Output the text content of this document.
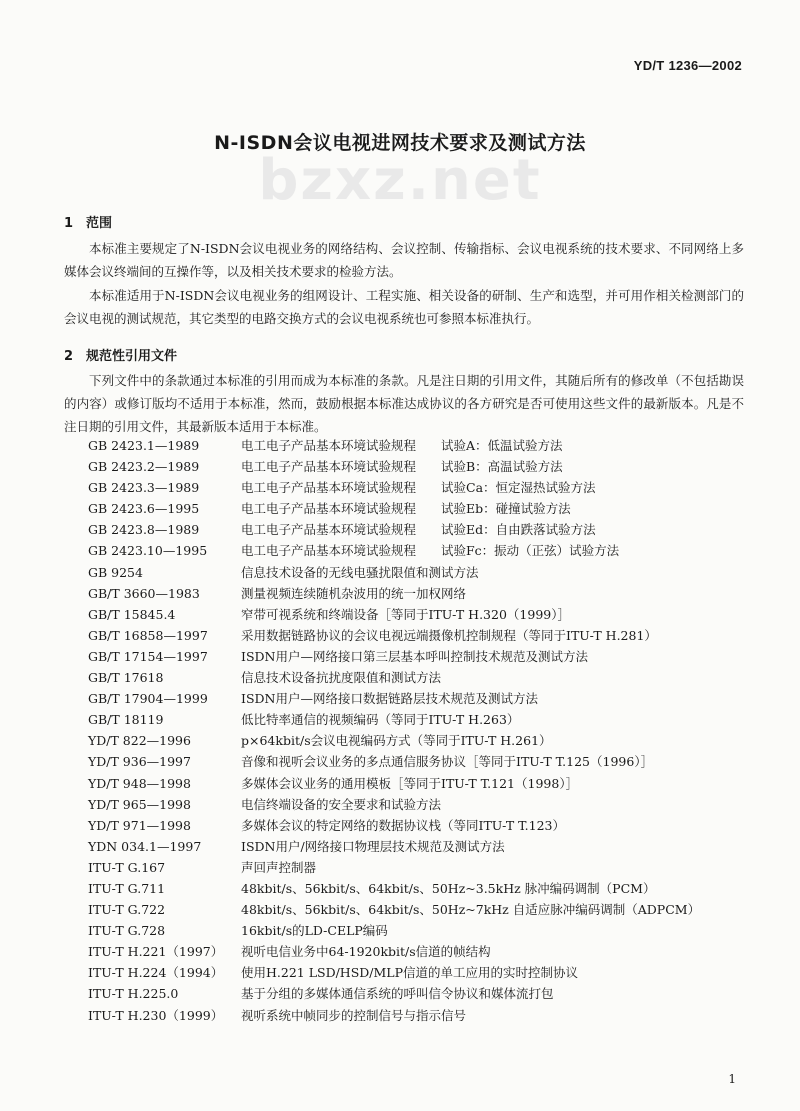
YD/T 1236—2002
bzxz.net
N-ISDN会议电视进网技术要求及测试方法
1 范围
本标准主要规定了N-ISDN会议电视业务的网络结构、会议控制、传输指标、会议电视系统的技术要求、不同网络上多媒体会议终端间的互操作等，以及相关技术要求的检验方法。
本标准适用于N-ISDN会议电视业务的组网设计、工程实施、相关设备的研制、生产和选型，并可用作相关检测部门的会议电视的测试规范，其它类型的电路交换方式的会议电视系统也可参照本标准执行。
2 规范性引用文件
下列文件中的条款通过本标准的引用而成为本标准的条款。凡是注日期的引用文件，其随后所有的修改单（不包括勘误的内容）或修订版均不适用于本标准，然而，鼓励根据本标准达成协议的各方研究是否可使用这些文件的最新版本。凡是不注日期的引用文件，其最新版本适用于本标准。
GB 2423.1—1989	电工电子产品基本环境试验规程　　试验A：低温试验方法
GB 2423.2—1989	电工电子产品基本环境试验规程　　试验B：高温试验方法
GB 2423.3—1989	电工电子产品基本环境试验规程　　试验Ca：恒定湿热试验方法
GB 2423.6—1995	电工电子产品基本环境试验规程　　试验Eb：碰撞试验方法
GB 2423.8—1989	电工电子产品基本环境试验规程　　试验Ed：自由跌落试验方法
GB 2423.10—1995	电工电子产品基本环境试验规程　　试验Fc：振动（正弦）试验方法
GB 9254	信息技术设备的无线电骚扰限值和测试方法
GB/T 3660—1983	测量视频连续随机杂波用的统一加权网络
GB/T 15845.4	窄带可视系统和终端设备［等同于ITU-T H.320（1999）］
GB/T 16858—1997	采用数据链路协议的会议电视远端摄像机控制规程（等同于ITU-T H.281）
GB/T 17154—1997	ISDN用户—网络接口第三层基本呼叫控制技术规范及测试方法
GB/T 17618	信息技术设备抗扰度限值和测试方法
GB/T 17904—1999	ISDN用户—网络接口数据链路层技术规范及测试方法
GB/T 18119	低比特率通信的视频编码（等同于ITU-T H.263）
YD/T 822—1996	p×64kbit/s会议电视编码方式（等同于ITU-T H.261）
YD/T 936—1997	音像和视听会议业务的多点通信服务协议［等同于ITU-T T.125（1996）］
YD/T 948—1998	多媒体会议业务的通用模板［等同于ITU-T T.121（1998）］
YD/T 965—1998	电信终端设备的安全要求和试验方法
YD/T 971—1998	多媒体会议的特定网络的数据协议栈（等同ITU-T T.123）
YDN 034.1—1997	ISDN用户/网络接口物理层技术规范及测试方法
ITU-T G.167	声回声控制器
ITU-T G.711	48kbit/s、56kbit/s、64kbit/s、50Hz~3.5kHz 脉冲编码调制（PCM）
ITU-T G.722	48kbit/s、56kbit/s、64kbit/s、50Hz~7kHz 自适应脉冲编码调制（ADPCM）
ITU-T G.728	16kbit/s的LD-CELP编码
ITU-T H.221（1997） 视听电信业务中64-1920kbit/s信道的帧结构
ITU-T H.224（1994） 使用H.221 LSD/HSD/MLP信道的单工应用的实时控制协议
ITU-T H.225.0	基于分组的多媒体通信系统的呼叫信令协议和媒体流打包
ITU-T H.230（1999） 视听系统中帧同步的控制信号与指示信号
1
